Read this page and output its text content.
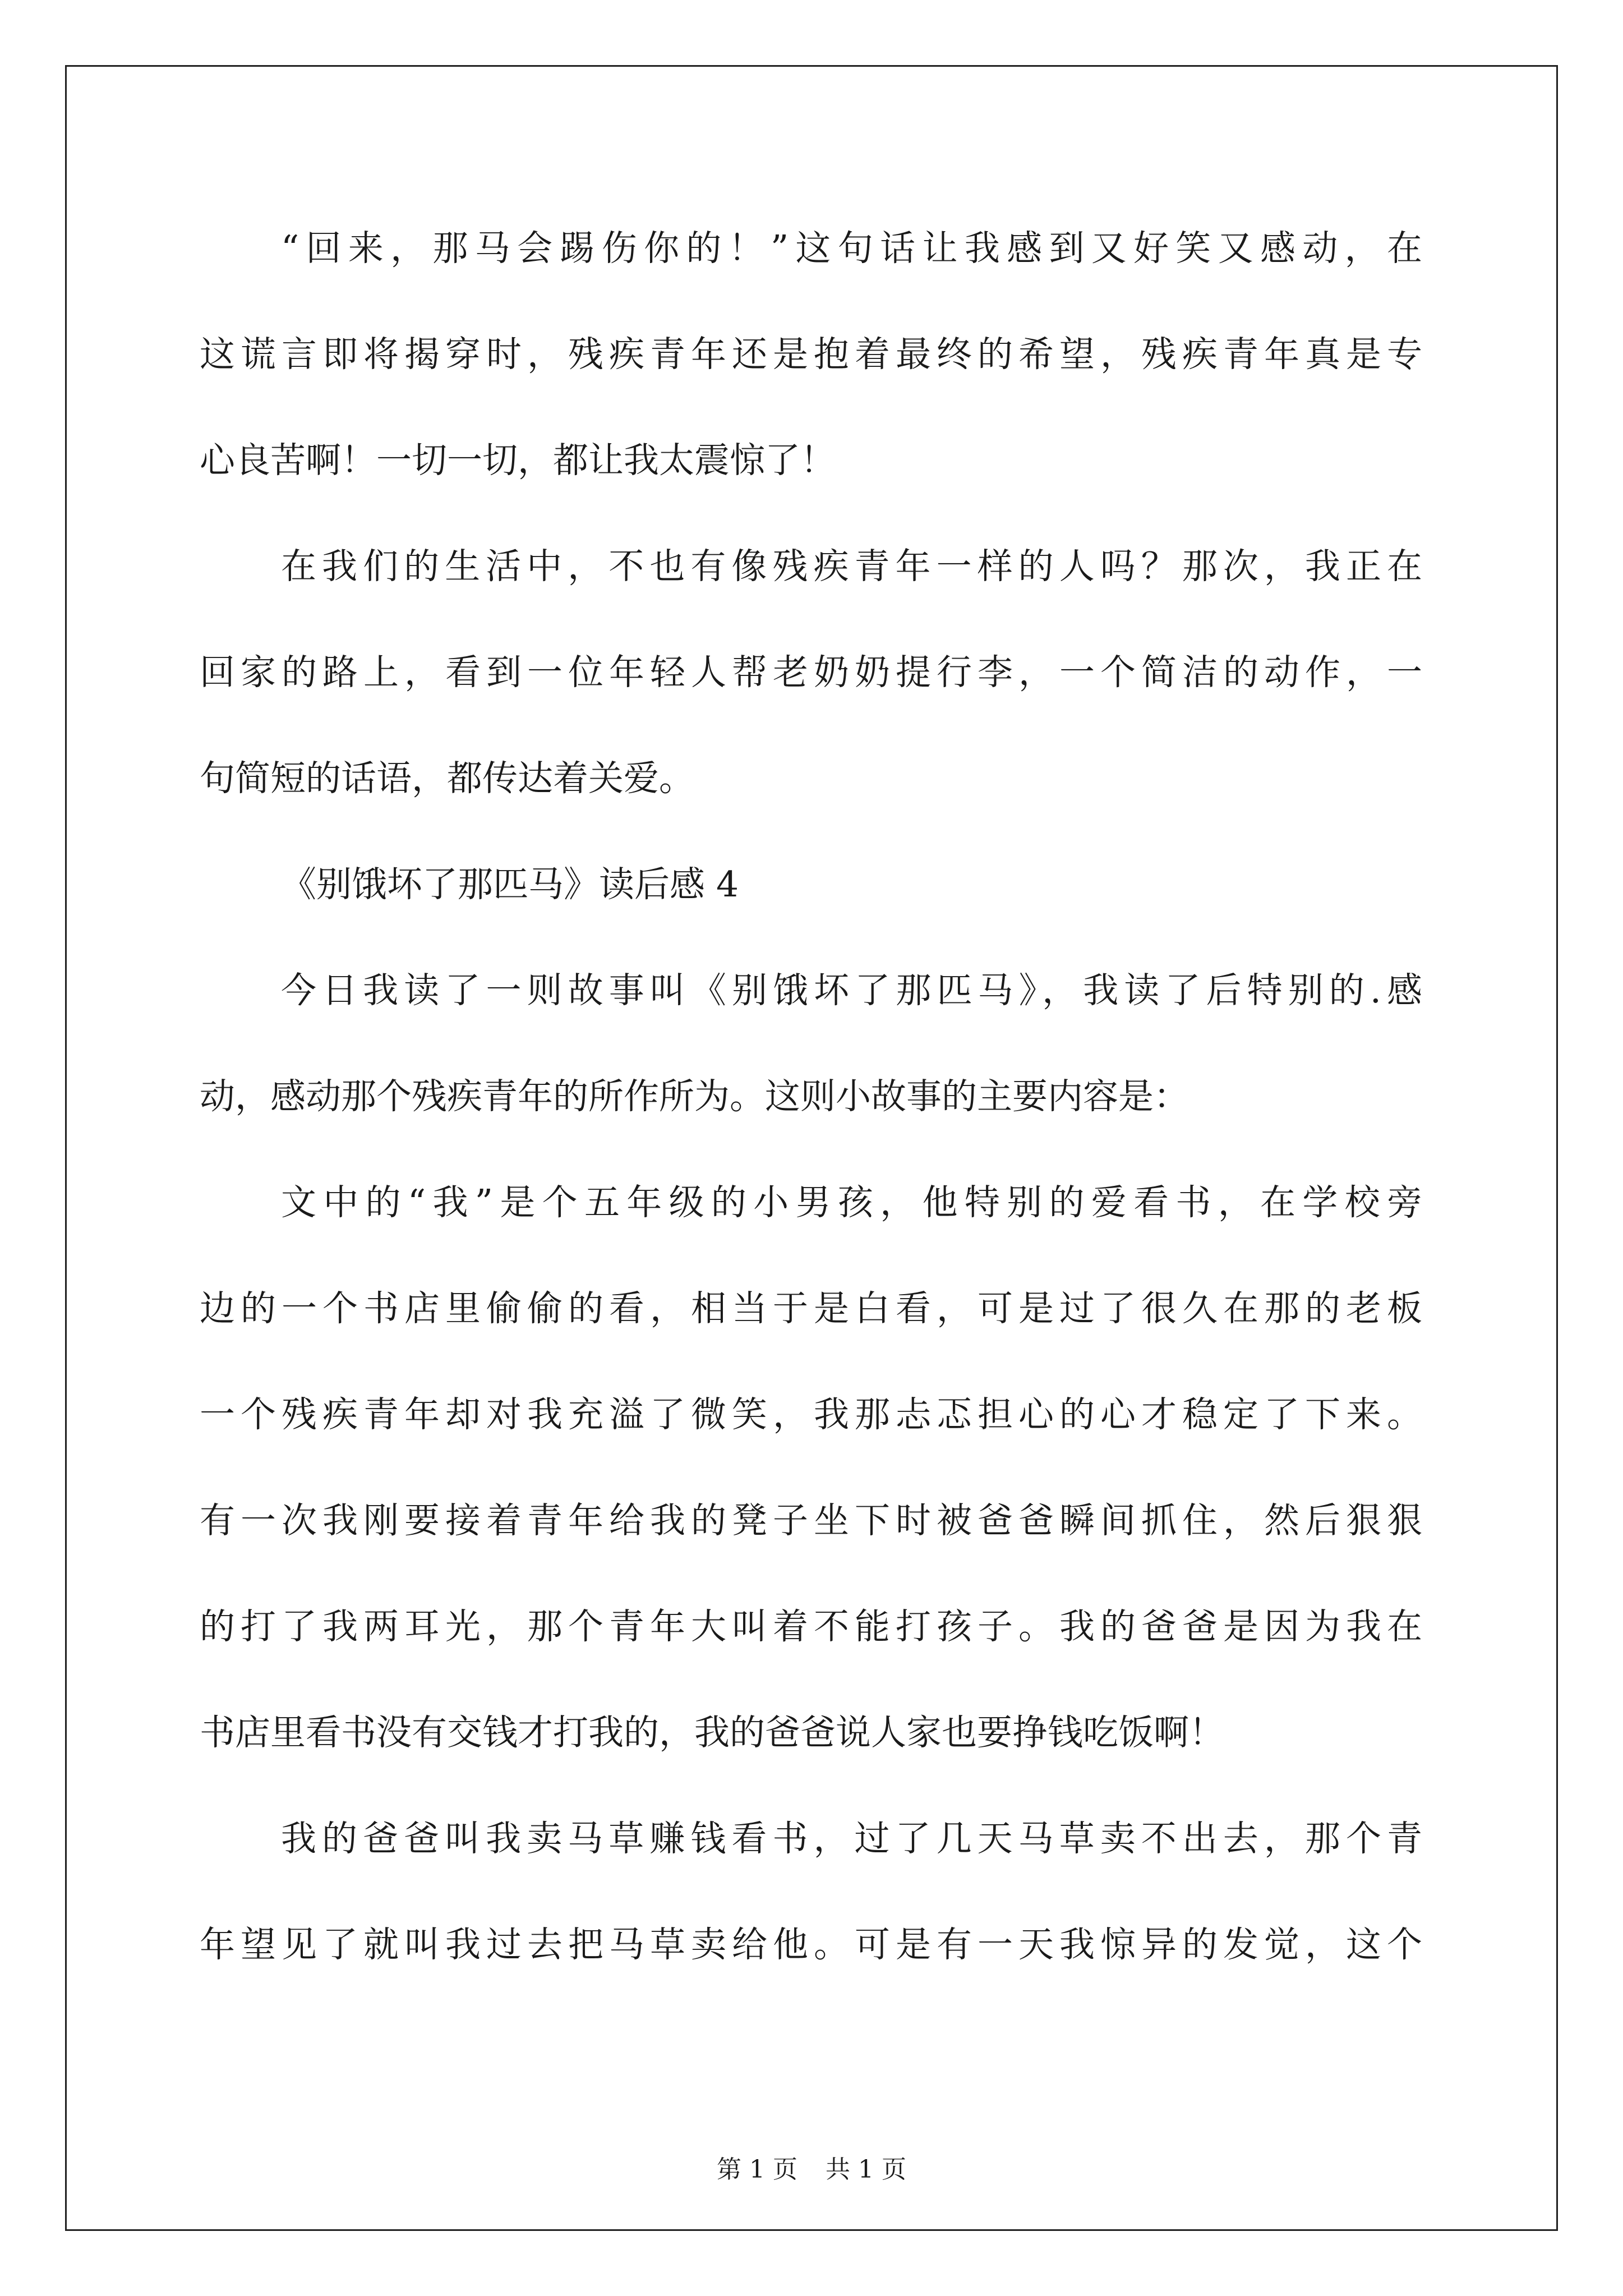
“回来，那马会踢伤你的！”这句话让我感到又好笑又感动，在
这谎言即将揭穿时，残疾青年还是抱着最终的希望，残疾青年真是专
心良苦啊！一切一切，都让我太震惊了！
在我们的生活中，不也有像残疾青年一样的人吗？那次，我正在
回家的路上，看到一位年轻人帮老奶奶提行李，一个简洁的动作，一
句简短的话语，都传达着关爱。
《别饿坏了那匹马》读后感 4
今日我读了一则故事叫《别饿坏了那匹马》，我读了后特别的.感
动，感动那个残疾青年的所作所为。这则小故事的主要内容是：
文中的“我”是个五年级的小男孩，他特别的爱看书，在学校旁
边的一个书店里偷偷的看，相当于是白看，可是过了很久在那的老板
一个残疾青年却对我充溢了微笑，我那忐忑担心的心才稳定了下来。
有一次我刚要接着青年给我的凳子坐下时被爸爸瞬间抓住，然后狠狠
的打了我两耳光，那个青年大叫着不能打孩子。我的爸爸是因为我在
书店里看书没有交钱才打我的，我的爸爸说人家也要挣钱吃饭啊！
我的爸爸叫我卖马草赚钱看书，过了几天马草卖不出去，那个青
年望见了就叫我过去把马草卖给他。可是有一天我惊异的发觉，这个
第 1 页 共 1 页
